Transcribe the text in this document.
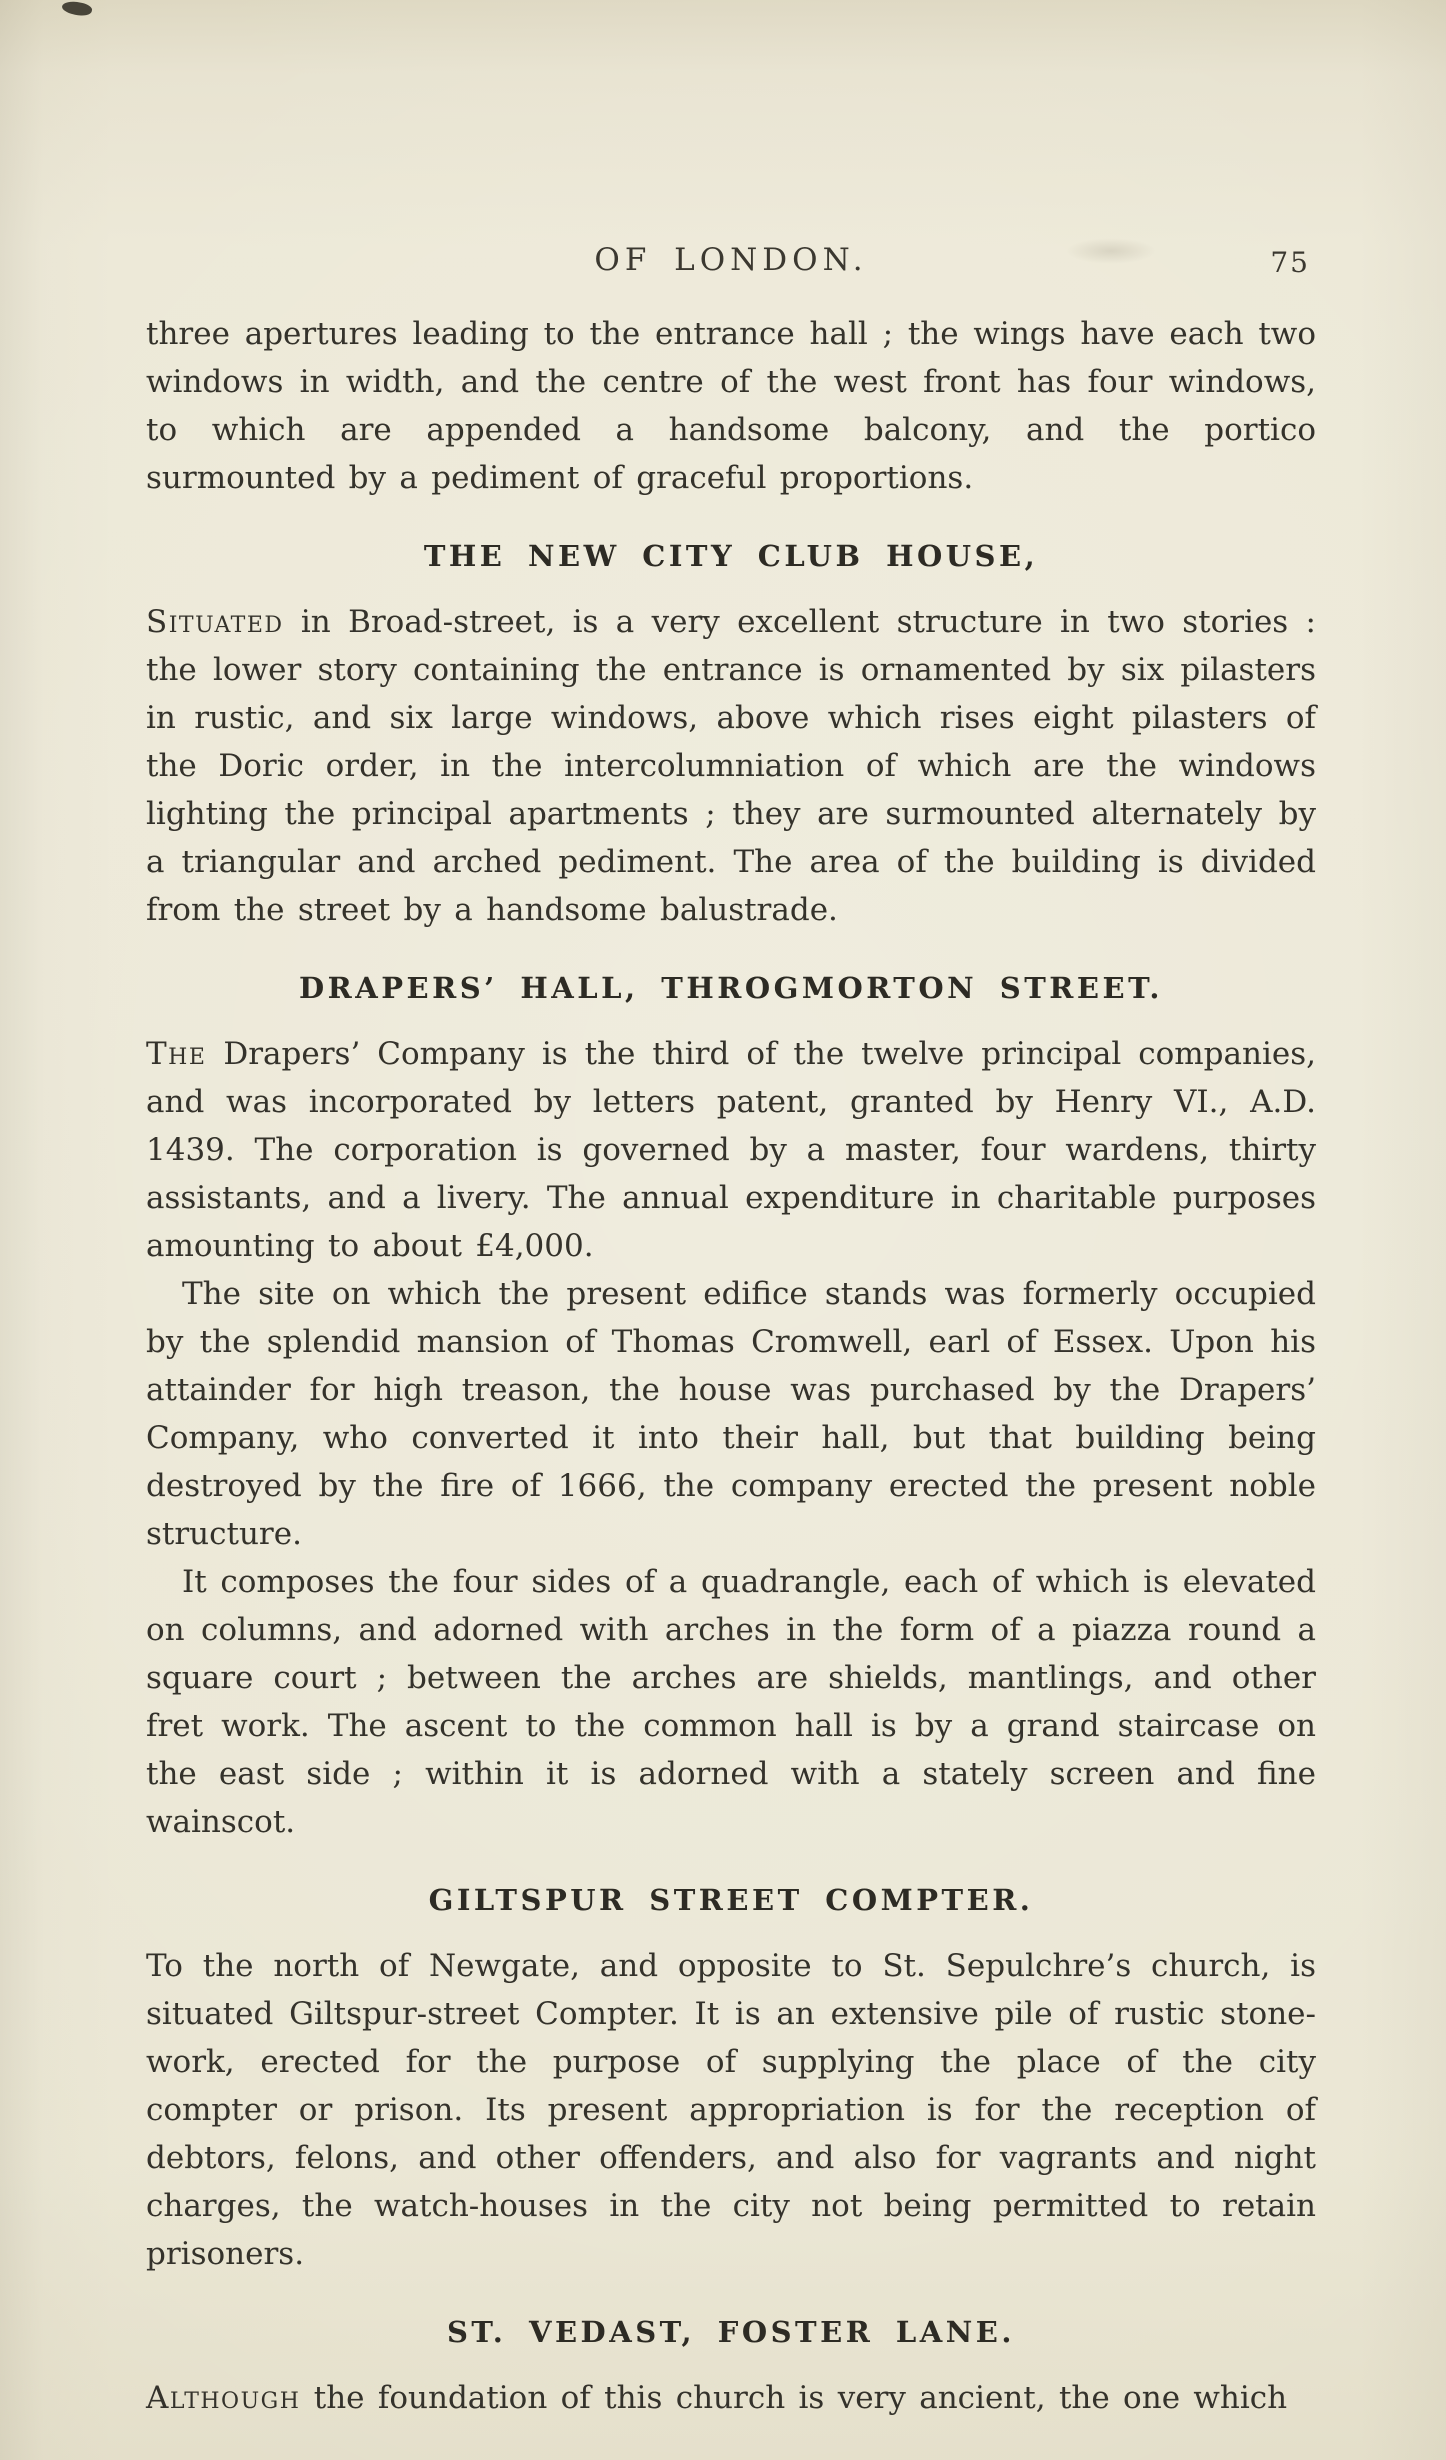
OF LONDON.	75

three apertures leading to the entrance hall ; the wings have each two windows in width, and the centre of the west front has four windows, to which are appended a handsome balcony, and the portico surmounted by a pediment of graceful proportions.

THE NEW CITY CLUB HOUSE,

Situated in Broad-street, is a very excellent structure in two stories : the lower story containing the entrance is ornamented by six pilasters in rustic, and six large windows, above which rises eight pilasters of the Doric order, in the intercolumniation of which are the windows lighting the principal apartments ; they are surmounted alternately by a triangular and arched pediment. The area of the building is divided from the street by a handsome balustrade.

DRAPERS’ HALL, THROGMORTON STREET.

The Drapers’ Company is the third of the twelve principal companies, and was incorporated by letters patent, granted by Henry VI., A.D. 1439. The corporation is governed by a master, four wardens, thirty assistants, and a livery. The annual expenditure in charitable purposes amounting to about £4,000.

The site on which the present edifice stands was formerly occupied by the splendid mansion of Thomas Cromwell, earl of Essex. Upon his attainder for high treason, the house was purchased by the Drapers’ Company, who converted it into their hall, but that building being destroyed by the fire of 1666, the company erected the present noble structure.

It composes the four sides of a quadrangle, each of which is elevated on columns, and adorned with arches in the form of a piazza round a square court ; between the arches are shields, mantlings, and other fret work. The ascent to the common hall is by a grand staircase on the east side ; within it is adorned with a stately screen and fine wainscot.

GILTSPUR STREET COMPTER.

To the north of Newgate, and opposite to St. Sepulchre’s church, is situated Giltspur-street Compter. It is an extensive pile of rustic stone-work, erected for the purpose of supplying the place of the city compter or prison. Its present appropriation is for the reception of debtors, felons, and other offenders, and also for vagrants and night charges, the watch-houses in the city not being permitted to retain prisoners.

ST. VEDAST, FOSTER LANE.

Although the foundation of this church is very ancient, the one which
